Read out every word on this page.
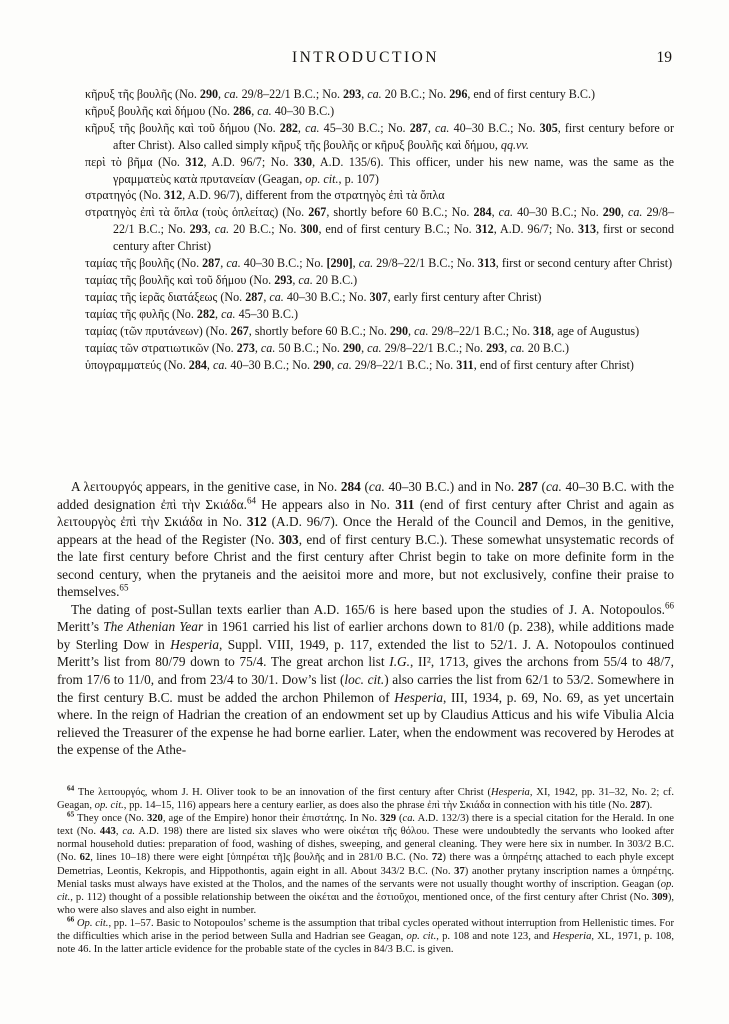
INTRODUCTION	19
κῆρυξ τῆς βουλῆς (No. 290, ca. 29/8–22/1 B.C.; No. 293, ca. 20 B.C.; No. 296, end of first century B.C.)
κῆρυξ βουλῆς καὶ δήμου (No. 286, ca. 40–30 B.C.)
κῆρυξ τῆς βουλῆς καὶ τοῦ δήμου (No. 282, ca. 45–30 B.C.; No. 287, ca. 40–30 B.C.; No. 305, first century before or after Christ). Also called simply κῆρυξ τῆς βουλῆς or κῆρυξ βουλῆς καὶ δήμου, qq.vv.
περὶ τὸ βῆμα (No. 312, A.D. 96/7; No. 330, A.D. 135/6). This officer, under his new name, was the same as the γραμματεὺς κατὰ πρυτανείαν (Geagan, op. cit., p. 107)
στρατηγός (No. 312, A.D. 96/7), different from the στρατηγὸς ἐπὶ τὰ ὅπλα
στρατηγὸς ἐπὶ τὰ ὅπλα (τοὺς ὁπλείτας) (No. 267, shortly before 60 B.C.; No. 284, ca. 40–30 B.C.; No. 290, ca. 29/8–22/1 B.C.; No. 293, ca. 20 B.C.; No. 300, end of first century B.C.; No. 312, A.D. 96/7; No. 313, first or second century after Christ)
ταμίας τῆς βουλῆς (No. 287, ca. 40–30 B.C.; No. [290], ca. 29/8–22/1 B.C.; No. 313, first or second century after Christ)
ταμίας τῆς βουλῆς καὶ τοῦ δήμου (No. 293, ca. 20 B.C.)
ταμίας τῆς ἱερᾶς διατάξεως (No. 287, ca. 40–30 B.C.; No. 307, early first century after Christ)
ταμίας τῆς φυλῆς (No. 282, ca. 45–30 B.C.)
ταμίας (τῶν πρυτάνεων) (No. 267, shortly before 60 B.C.; No. 290, ca. 29/8–22/1 B.C.; No. 318, age of Augustus)
ταμίας τῶν στρατιωτικῶν (No. 273, ca. 50 B.C.; No. 290, ca. 29/8–22/1 B.C.; No. 293, ca. 20 B.C.)
ὑπογραμματεύς (No. 284, ca. 40–30 B.C.; No. 290, ca. 29/8–22/1 B.C.; No. 311, end of first century after Christ)
A λειτουργός appears, in the genitive case, in No. 284 (ca. 40–30 B.C.) and in No. 287 (ca. 40–30 B.C. with the added designation ἐπὶ τὴν Σκιάδα.$^{64}$ He appears also in No. 311 (end of first century after Christ and again as λειτουργὸς ἐπὶ τὴν Σκιάδα in No. 312 (A.D. 96/7). Once the Herald of the Council and Demos, in the genitive, appears at the head of the Register (No. 303, end of first century B.C.). These somewhat unsystematic records of the late first century before Christ and the first century after Christ begin to take on more definite form in the second century, when the prytaneis and the aeisitoi more and more, but not exclusively, confine their praise to themselves.$^{65}$
The dating of post-Sullan texts earlier than A.D. 165/6 is here based upon the studies of J. A. Notopoulos.$^{66}$ Meritt’s The Athenian Year in 1961 carried his list of earlier archons down to 81/0 (p. 238), while additions made by Sterling Dow in Hesperia, Suppl. VIII, 1949, p. 117, extended the list to 52/1. J. A. Notopoulos continued Meritt’s list from 80/79 down to 75/4. The great archon list I.G., II², 1713, gives the archons from 55/4 to 48/7, from 17/6 to 11/0, and from 23/4 to 30/1. Dow’s list (loc. cit.) also carries the list from 62/1 to 53/2. Somewhere in the first century B.C. must be added the archon Philemon of Hesperia, III, 1934, p. 69, No. 69, as yet uncertain where. In the reign of Hadrian the creation of an endowment set up by Claudius Atticus and his wife Vibulia Alcia relieved the Treasurer of the expense he had borne earlier. Later, when the endowment was recovered by Herodes at the expense of the Athe-
$^{64}$ The λειτουργός, whom J. H. Oliver took to be an innovation of the first century after Christ (Hesperia, XI, 1942, pp. 31–32, No. 2; cf. Geagan, op. cit., pp. 14–15, 116) appears here a century earlier, as does also the phrase ἐπὶ τὴν Σκιάδα in connection with his title (No. 287).
$^{65}$ They once (No. 320, age of the Empire) honor their ἐπιστάτης. In No. 329 (ca. A.D. 132/3) there is a special citation for the Herald. In one text (No. 443, ca. A.D. 198) there are listed six slaves who were οἰκέται τῆς θόλου. These were undoubtedly the servants who looked after normal household duties: preparation of food, washing of dishes, sweeping, and general cleaning. They were here six in number. In 303/2 B.C. (No. 62, lines 10–18) there were eight [ὑπηρέται τῆ]ς βουλῆς and in 281/0 B.C. (No. 72) there was a ὑπηρέτης attached to each phyle except Demetrias, Leontis, Kekropis, and Hippothontis, again eight in all. About 343/2 B.C. (No. 37) another prytany inscription names a ὑπηρέτης. Menial tasks must always have existed at the Tholos, and the names of the servants were not usually thought worthy of inscription. Geagan (op. cit., p. 112) thought of a possible relationship between the οἰκέται and the ἑστιοῦχοι, mentioned once, of the first century after Christ (No. 309), who were also slaves and also eight in number.
$^{66}$ Op. cit., pp. 1–57. Basic to Notopoulos’ scheme is the assumption that tribal cycles operated without interruption from Hellenistic times. For the difficulties which arise in the period between Sulla and Hadrian see Geagan, op. cit., p. 108 and note 123, and Hesperia, XL, 1971, p. 108, note 46. In the latter article evidence for the probable state of the cycles in 84/3 B.C. is given.
